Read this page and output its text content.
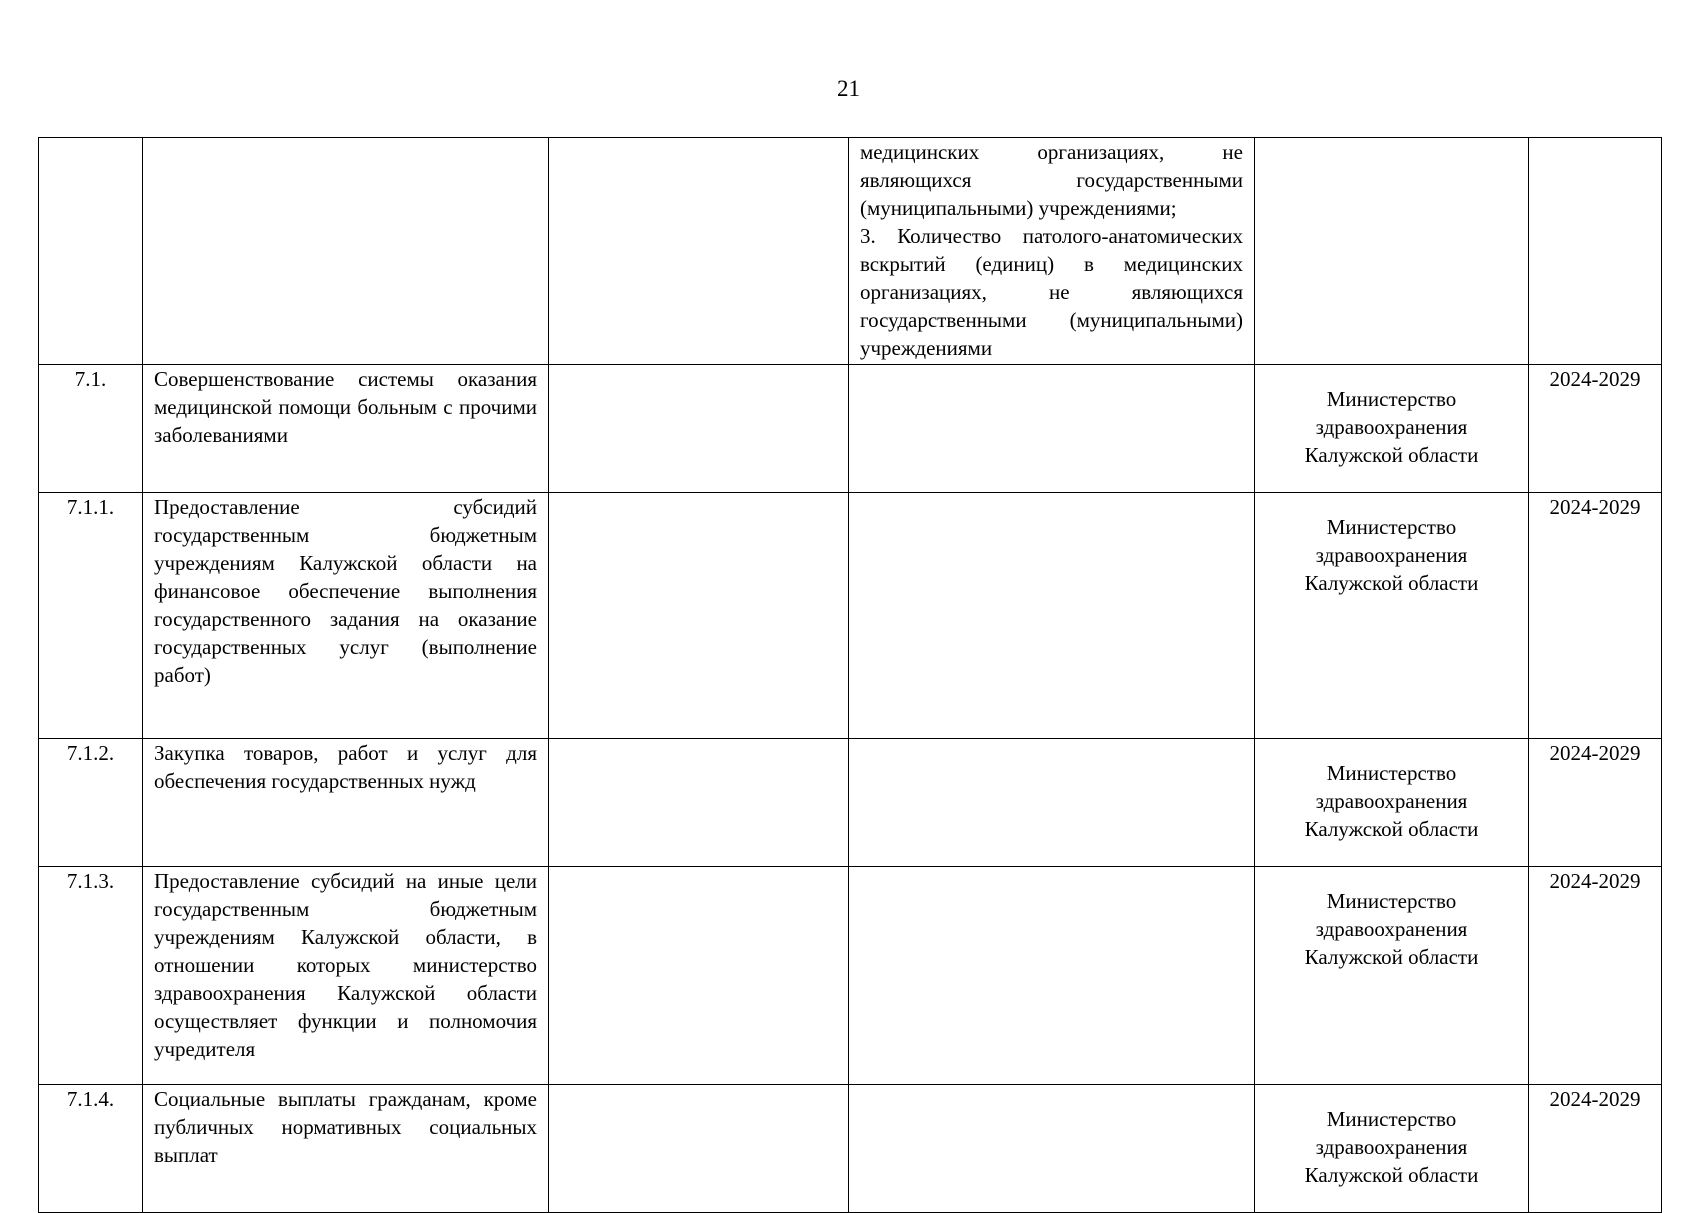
21

			медицинских организациях, не являющихся государственными (муниципальными) учреждениями;
3. Количество патолого-анатомических вскрытий (единиц) в медицинских организациях, не являющихся государственными (муниципальными) учреждениями		

7.1.	Совершенствование системы оказания медицинской помощи больным с прочими заболеваниями			Министерство здравоохранения Калужской области	2024-2029
7.1.1.	Предоставление субсидий государственным бюджетным учреждениям Калужской области на финансовое обеспечение выполнения государственного задания на оказание государственных услуг (выполнение работ)			Министерство здравоохранения Калужской области	2024-2029
7.1.2.	Закупка товаров, работ и услуг для обеспечения государственных нужд			Министерство здравоохранения Калужской области	2024-2029
7.1.3.	Предоставление субсидий на иные цели государственным бюджетным учреждениям Калужской области, в отношении которых министерство здравоохранения Калужской области осуществляет функции и полномочия учредителя			Министерство здравоохранения Калужской области	2024-2029
7.1.4.	Социальные выплаты гражданам, кроме публичных нормативных социальных выплат			Министерство здравоохранения Калужской области	2024-2029
